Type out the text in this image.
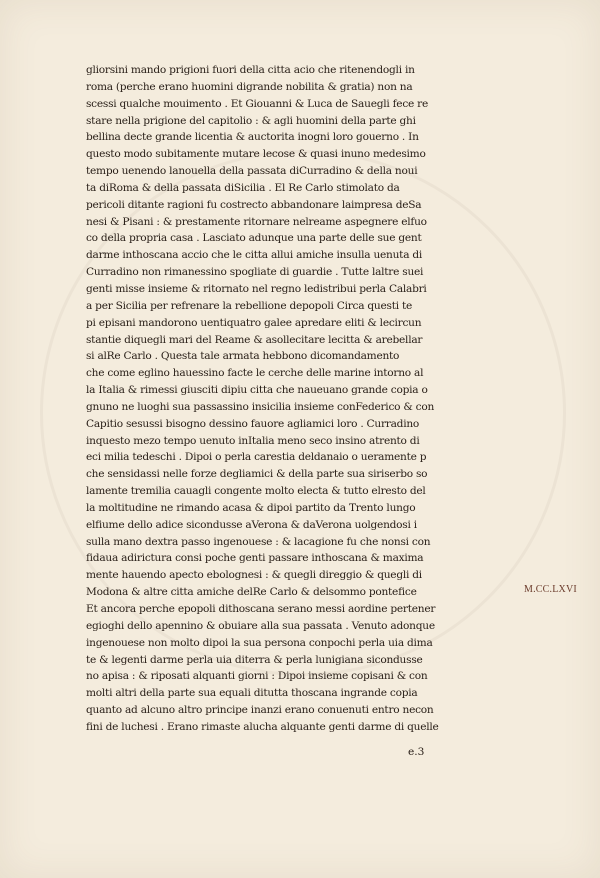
gliorsini mando prigioni fuori della citta acio che ritenendogli in
roma (perche erano huomini digrande nobilita & gratia) non na
scessi qualche mouimento . Et Giouanni & Luca de Sauegli fece re
stare nella prigione del capitolio : & agli huomini della parte ghi
bellina decte grande licentia & auctorita inogni loro gouerno . In
questo modo subitamente mutare lecose & quasi inuno medesimo
tempo uenendo lanouella della passata diCurradino & della noui
ta diRoma & della passata diSicilia . El Re Carlo stimolato da
pericoli ditante ragioni fu costrecto abbandonare laimpresa deSa
nesi & Pisani : & prestamente ritornare nelreame aspegnere elfuo
co della propria casa . Lasciato adunque una parte delle sue gent
darme inthoscana accio che le citta allui amiche insulla uenuta di
Curradino non rimanessino spogliate di guardie . Tutte laltre suei
genti misse insieme & ritornato nel regno ledistribui perla Calabri
a per Sicilia per refrenare la rebellione depopoli Circa questi te
pi episani mandorono uentiquatro galee apredare eliti & lecircun
stantie diquegli mari del Reame & asollecitare lecitta & arebellar
si alRe Carlo . Questa tale armata hebbono dicomandamento
che come eglino hauessino facte le cerche delle marine intorno al
la Italia & rimessi giusciti dipiu citta che naueuano grande copia o
gnuno ne luoghi sua passassino insicilia insieme conFederico & con
Capitio sesussi bisogno dessino fauore agliamici loro . Curradino
inquesto mezo tempo uenuto inItalia meno seco insino atrento di
eci milia tedeschi . Dipoi o perla carestia deldanaio o ueramente p
che sensidassi nelle forze degliamici & della parte sua siriserbo so
lamente tremilia cauagli congente molto electa & tutto elresto del
la moltitudine ne rimando acasa & dipoi partito da Trento lungo
elfiume dello adice sicondusse aVerona & daVerona uolgendosi i
sulla mano dextra passo ingenouese : & lacagione fu che nonsi con
fidaua adirictura consi poche genti passare inthoscana & maxima
mente hauendo apecto ebolognesi : & quegli direggio & quegli di
Modona & altre citta amiche delRe Carlo & delsommo pontefice
Et ancora perche epopoli dithoscana serano messi aordine pertener
egioghi dello apennino & obuiare alla sua passata . Venuto adonque
ingenouese non molto dipoi la sua persona conpochi perla uia dima
te & legenti darme perla uia diterra & perla lunigiana sicondusse
no apisa : & riposati alquanti giorni : Dipoi insieme copisani & con
molti altri della parte sua equali ditutta thoscana ingrande copia
quanto ad alcuno altro principe inanzi erano conuenuti entro necon
fini de luchesi . Erano rimaste alucha alquante genti darme di quelle
e.3
M.CC.LXVI
